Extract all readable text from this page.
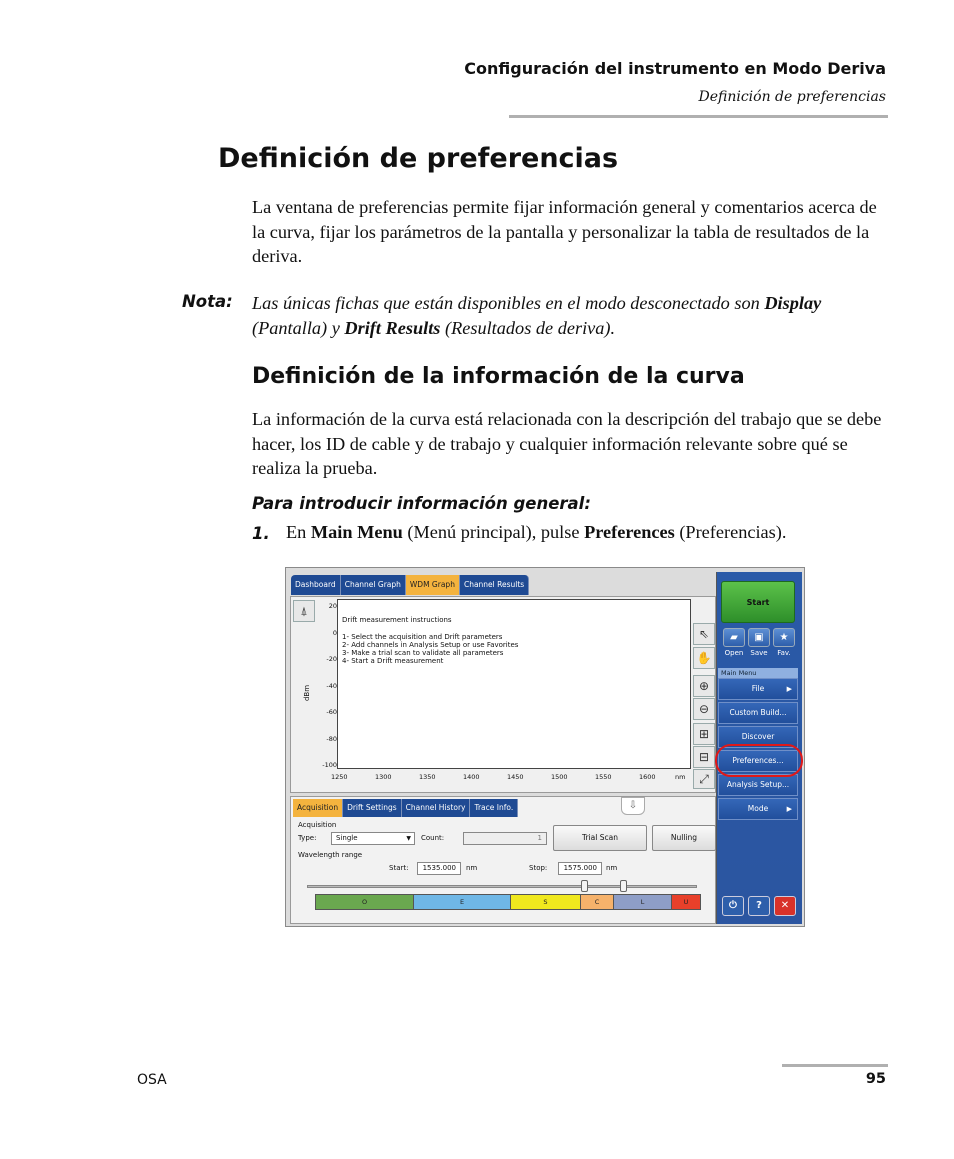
Configuración del instrumento en Modo Deriva
Definición de preferencias
Definición de preferencias
La ventana de preferencias permite fijar información general y comentarios acerca de la curva, fijar los parámetros de la pantalla y personalizar la tabla de resultados de la deriva.
Nota: Las únicas fichas que están disponibles en el modo desconectado son Display (Pantalla) y Drift Results (Resultados de deriva).
Definición de la información de la curva
La información de la curva está relacionada con la descripción del trabajo que se debe hacer, los ID de cable y de trabajo y cualquier información relevante sobre qué se realiza la prueba.
Para introducir información general:
1. En Main Menu (Menú principal), pulse Preferences (Preferencias).
Dashboard	Channel Graph	WDM Graph	Channel Results
⍋
dBm
20
0
-20
-40
-60
-80
-100
Drift measurement instructions
1- Select the acquisition and Drift parameters
2- Add channels in Analysis Setup or use Favorites
3- Make a trial scan to validate all parameters
4- Start a Drift measurement
1250	1300	1350	1400	1450	1500	1550	1600	nm
⇖
✋
⊕
⊖
⊞
⊟
⤢
Start
▰	▣	★
Open	Save	Fav.
Main Menu
File	▶
Custom Build...
Discover
Preferences...
Analysis Setup...
Mode	▶
⏻	?	✕
Acquisition	Drift Settings	Channel History	Trace Info.	⇩
Acquisition
Type:	Single	▼ Count:	1	Trial Scan	Nulling
Wavelength range
Start:	1535.000	nm	Stop:	1575.000	nm
O	E	S	C	L	U
OSA	95
